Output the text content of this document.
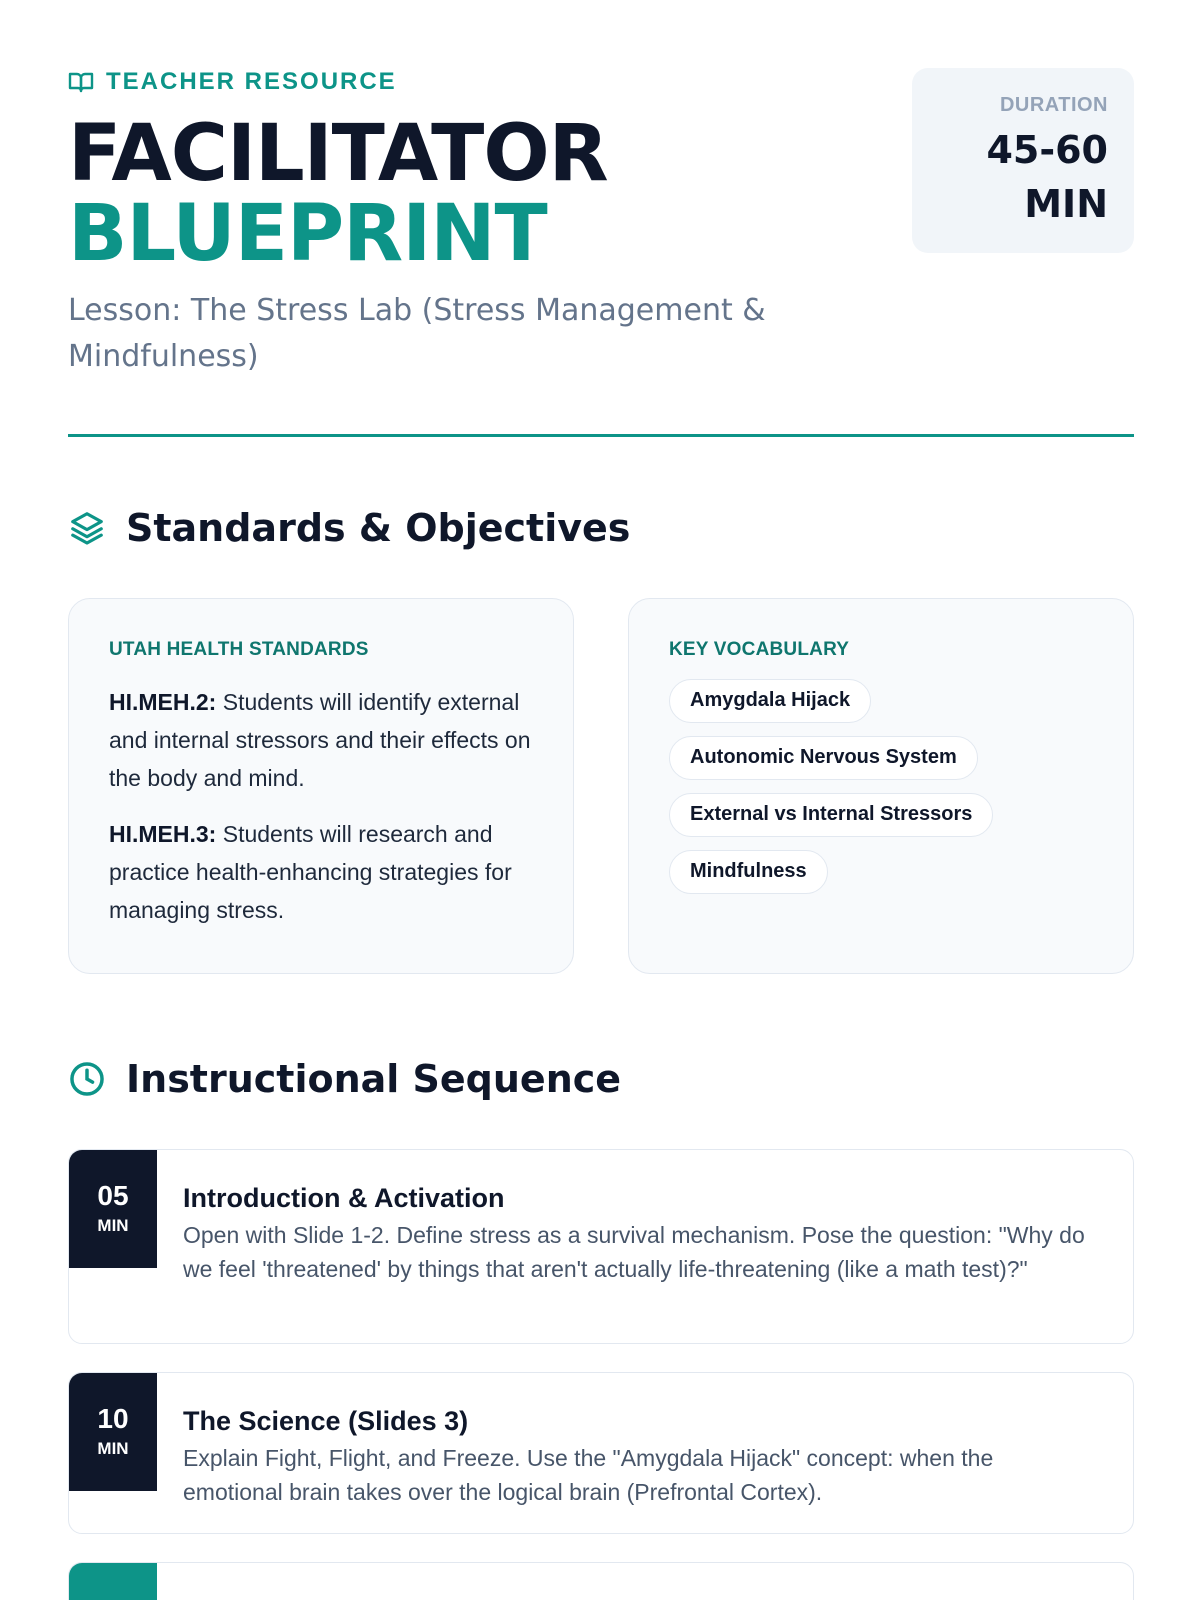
TEACHER RESOURCE
FACILITATOR
BLUEPRINT
Lesson: The Stress Lab (Stress Management & Mindfulness)
DURATION
45-60 MIN
Standards & Objectives
UTAH HEALTH STANDARDS

HI.MEH.2: Students will identify external and internal stressors and their effects on the body and mind.

HI.MEH.3: Students will research and practice health-enhancing strategies for managing stress.

KEY VOCABULARY
Amygdala Hijack
Autonomic Nervous System
External vs Internal Stressors
Mindfulness
Instructional Sequence
05
MIN
Introduction & Activation

Open with Slide 1-2. Define stress as a survival mechanism. Pose the question: "Why do we feel 'threatened' by things that aren't actually life-threatening (like a math test)?"

10
MIN
The Science (Slides 3)

Explain Fight, Flight, and Freeze. Use the "Amygdala Hijack" concept: when the emotional brain takes over the logical brain (Prefrontal Cortex).
